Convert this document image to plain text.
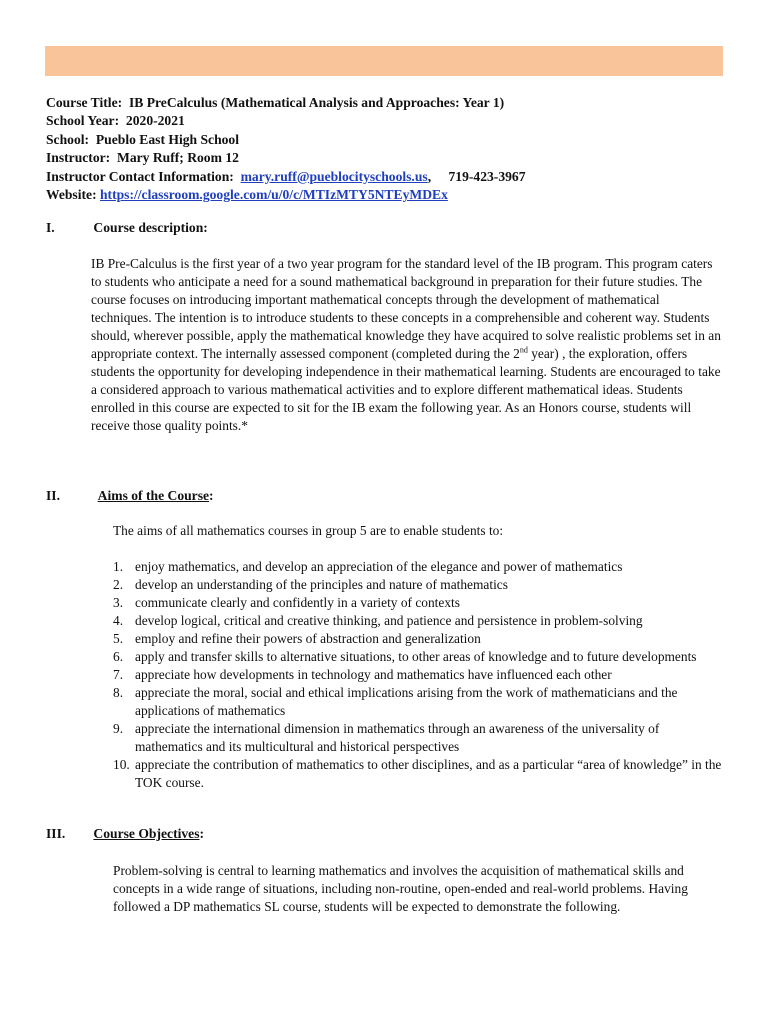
Course Title: IB PreCalculus (Mathematical Analysis and Approaches: Year 1)
School Year: 2020-2021
School: Pueblo East High School
Instructor: Mary Ruff; Room 12
Instructor Contact Information: mary.ruff@pueblocityschools.us, 719-423-3967
Website: https://classroom.google.com/u/0/c/MTIzMTY5NTEyMDEx
I.	Course description:
IB Pre-Calculus is the first year of a two year program for the standard level of the IB program. This program caters to students who anticipate a need for a sound mathematical background in preparation for their future studies. The course focuses on introducing important mathematical concepts through the development of mathematical techniques. The intention is to introduce students to these concepts in a comprehensible and coherent way. Students should, wherever possible, apply the mathematical knowledge they have acquired to solve realistic problems set in an appropriate context. The internally assessed component (completed during the 2nd year) , the exploration, offers students the opportunity for developing independence in their mathematical learning. Students are encouraged to take a considered approach to various mathematical activities and to explore different mathematical ideas. Students enrolled in this course are expected to sit for the IB exam the following year. As an Honors course, students will receive those quality points.*
II.	Aims of the Course:
The aims of all mathematics courses in group 5 are to enable students to:
1. enjoy mathematics, and develop an appreciation of the elegance and power of mathematics
2. develop an understanding of the principles and nature of mathematics
3. communicate clearly and confidently in a variety of contexts
4. develop logical, critical and creative thinking, and patience and persistence in problem-solving
5. employ and refine their powers of abstraction and generalization
6. apply and transfer skills to alternative situations, to other areas of knowledge and to future developments
7. appreciate how developments in technology and mathematics have influenced each other
8. appreciate the moral, social and ethical implications arising from the work of mathematicians and the applications of mathematics
9. appreciate the international dimension in mathematics through an awareness of the universality of mathematics and its multicultural and historical perspectives
10. appreciate the contribution of mathematics to other disciplines, and as a particular “area of knowledge” in the TOK course.
III. Course Objectives:
Problem-solving is central to learning mathematics and involves the acquisition of mathematical skills and concepts in a wide range of situations, including non-routine, open-ended and real-world problems. Having followed a DP mathematics SL course, students will be expected to demonstrate the following.
